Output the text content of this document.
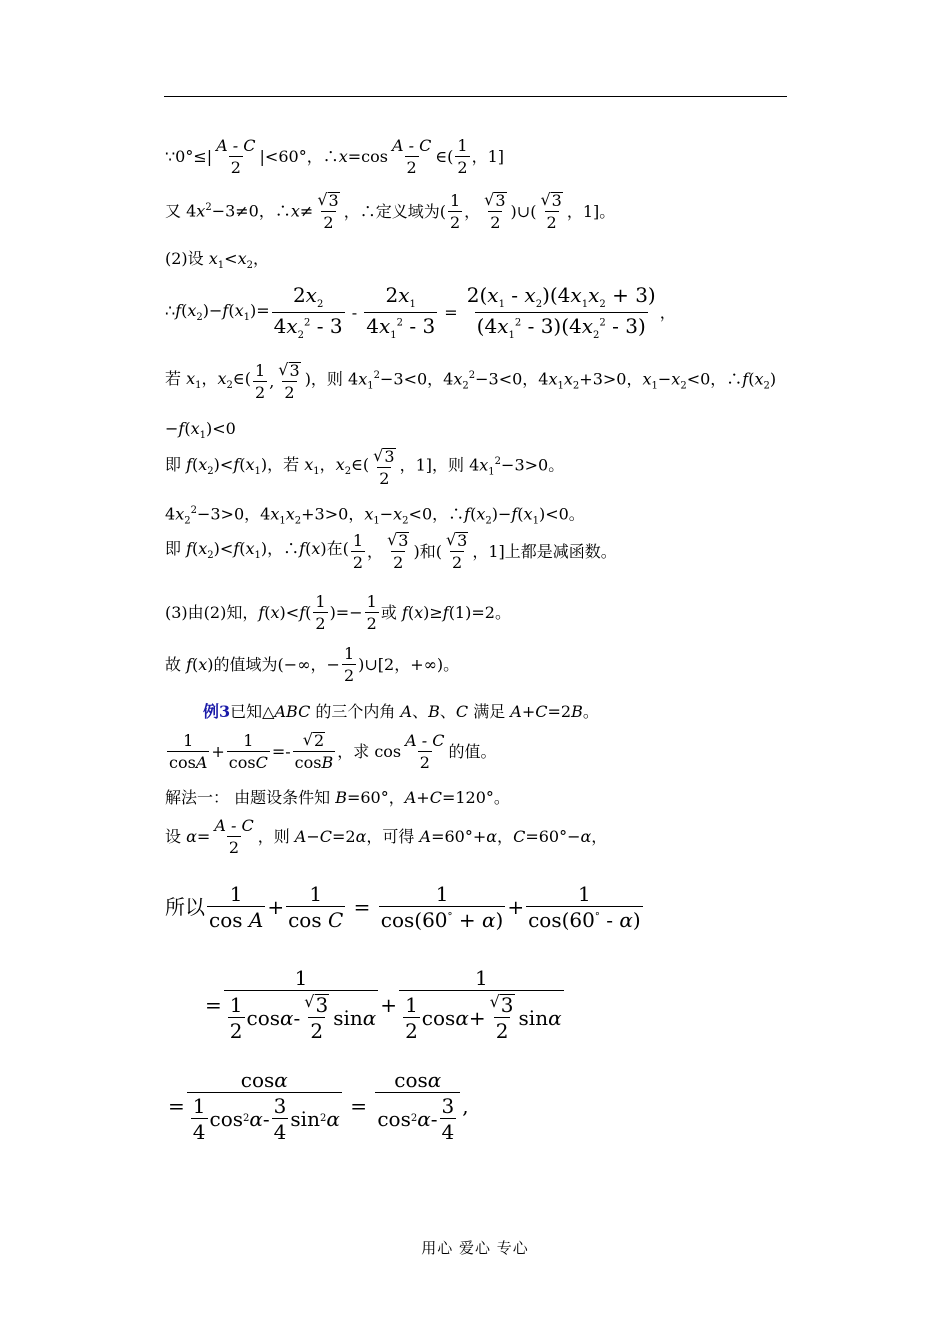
∵0°≤| $\frac{A - C}{2} |<60^\circ$，∴x=cos $\frac{A - C}{2}$ ∈( $\frac{1}{2}$ ，1]
又 $4x^2-3\ne 0$，∴x≠ $\frac{√ 3}{2}$ ，∴定义域为( $\frac{1}{2}$ ， $\frac{√ 3}{2}$ )∪( $\frac{√ 3}{2}$ ，1]。
(2)设 $x_1<x_2$，
$\therefore f(x_2)-f(x_1)= \frac{2x_2}{4x_2^2 - 3} - \frac{2x_1}{4x_1^2 - 3} = \frac{2(x_1 - x_2)(4x_1x_2 + 3)}{(4x_1^2 - 3)(4x_2^2 - 3)}$ ，
若 $x_1$，$x_2\in( \frac{1}{2}$ , $\frac{√ 3}{2}$ )，则 $4x_1^2-3<0$，$4x_2^2-3<0$，$4x_1x_2+3>0$，$x_1-x_2<0$，$\therefore f(x_2)$
$-f(x_1)<0$
即 $f(x_2)<f(x_1)$，若 $x_1$，$x_2\in( \frac{√ 3}{2}$ ，1]，则 $4x_1^2-3>0$。
$4x_2^2-3>0$，$4x_1x_2+3>0$，$x_1-x_2<0$，$\therefore f(x_2)-f(x_1)<0$。
即 $f(x_2)<f(x_1)$，∴f(x)在( $\frac{1}{2}$ ， $\frac{√ 3}{2}$ )和( $\frac{√ 3}{2}$ ，1]上都是减函数。
(3)由(2)知，$f(x)<f( \frac{1}{2}$ )=− $\frac{1}{2}$ 或 f(x)≥f(1)=2。
故 f(x)的值域为(−∞，− $\frac{1}{2}$ )∪[2，+∞)。
例3 已知△ABC 的三个内角 A、B、C 满足 A+C=2B。
$\frac{1}{\cos A} + \frac{1}{\cos C} =- \frac{√ 2}{\cos B}$ ，求 $\cos \frac{A - C}{2}$ 的值。
解法一： 由题设条件知 B=60°，A+C=120°。
设 $\alpha= \frac{A - C}{2}$ ，则 A−C=2α，可得 A=60°+α，C=60°−α，
所以 $\frac{1}{\text{cos A}} + \frac{1}{\text{cos C}} = \frac{1}{\cos(60^\circ + \alpha)} + \frac{1}{\cos(60^\circ - \alpha)}$
= $\frac{1}{\frac{1}{2} \cos \alpha - \frac{√ 3}{2} \sin \alpha} + \frac{1}{\frac{1}{2} \cos \alpha + \frac{√ 3}{2} \sin \alpha}$
= $\frac{\cos\alpha}{\frac{1}{4} \cos 2 \alpha - \frac{3}{4} \sin 2 \alpha} = \frac{\cos\alpha}{\cos 2 \alpha - \frac{3}{4}}$ ,
用心 爱心 专心
